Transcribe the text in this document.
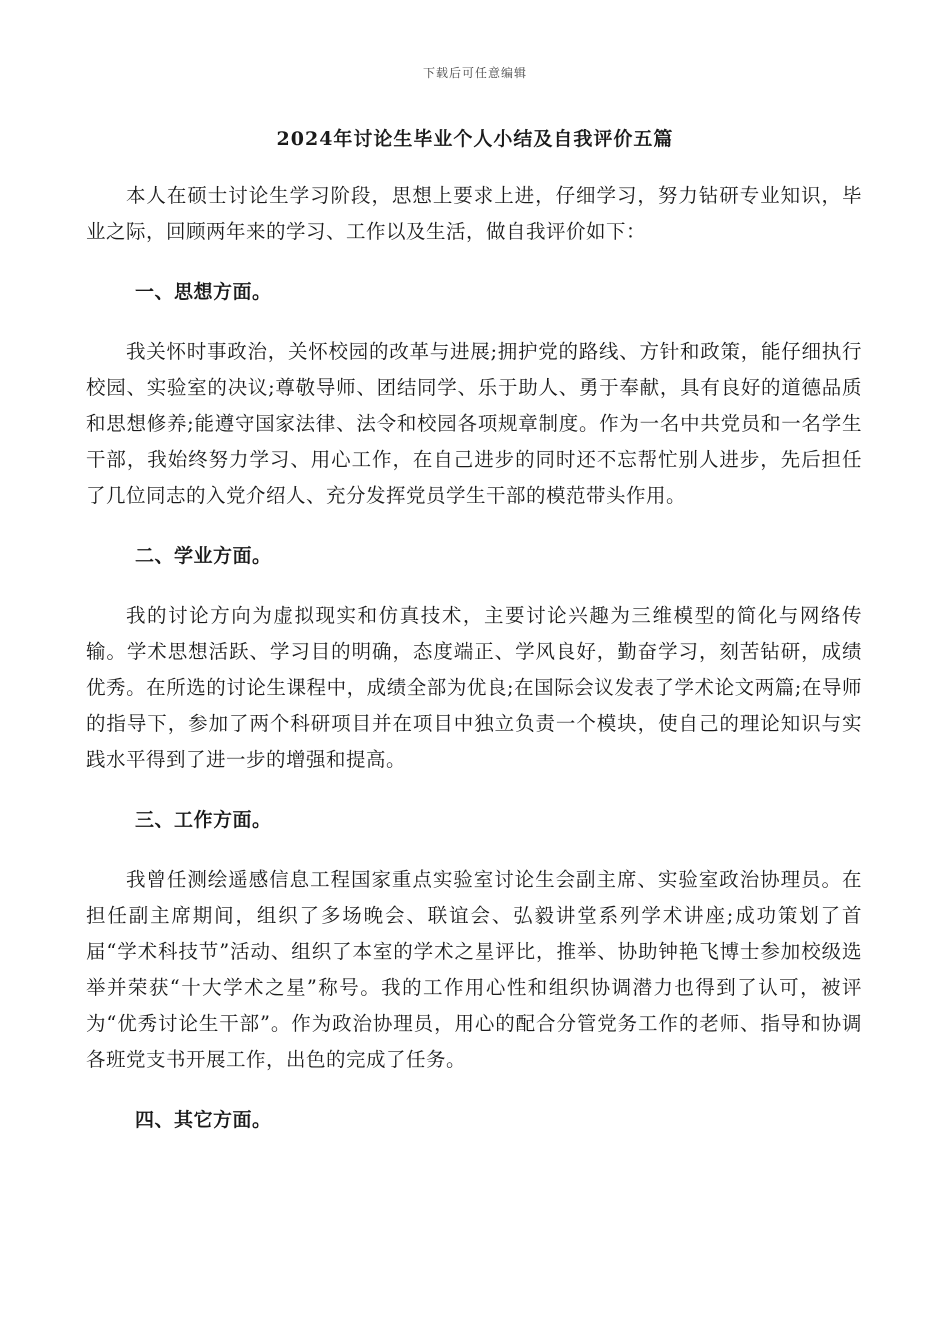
下载后可任意编辑
2024年讨论生毕业个人小结及自我评价五篇

本人在硕士讨论生学习阶段，思想上要求上进，仔细学习，努力钻研专业知识，毕业之际，回顾两年来的学习、工作以及生活，做自我评价如下：

一、思想方面。

我关怀时事政治，关怀校园的改革与进展;拥护党的路线、方针和政策，能仔细执行校园、实验室的决议;尊敬导师、团结同学、乐于助人、勇于奉献，具有良好的道德品质和思想修养;能遵守国家法律、法令和校园各项规章制度。作为一名中共党员和一名学生干部，我始终努力学习、用心工作，在自己进步的同时还不忘帮忙别人进步，先后担任了几位同志的入党介绍人、充分发挥党员学生干部的模范带头作用。

二、学业方面。

我的讨论方向为虚拟现实和仿真技术，主要讨论兴趣为三维模型的简化与网络传输。学术思想活跃、学习目的明确，态度端正、学风良好，勤奋学习，刻苦钻研，成绩优秀。在所选的讨论生课程中，成绩全部为优良;在国际会议发表了学术论文两篇;在导师的指导下，参加了两个科研项目并在项目中独立负责一个模块，使自己的理论知识与实践水平得到了进一步的增强和提高。

三、工作方面。

我曾任测绘遥感信息工程国家重点实验室讨论生会副主席、实验室政治协理员。在担任副主席期间，组织了多场晚会、联谊会、弘毅讲堂系列学术讲座;成功策划了首届“学术科技节”活动、组织了本室的学术之星评比，推举、协助钟艳飞博士参加校级选举并荣获“十大学术之星”称号。我的工作用心性和组织协调潜力也得到了认可，被评为“优秀讨论生干部”。作为政治协理员，用心的配合分管党务工作的老师、指导和协调各班党支书开展工作，出色的完成了任务。

四、其它方面。
